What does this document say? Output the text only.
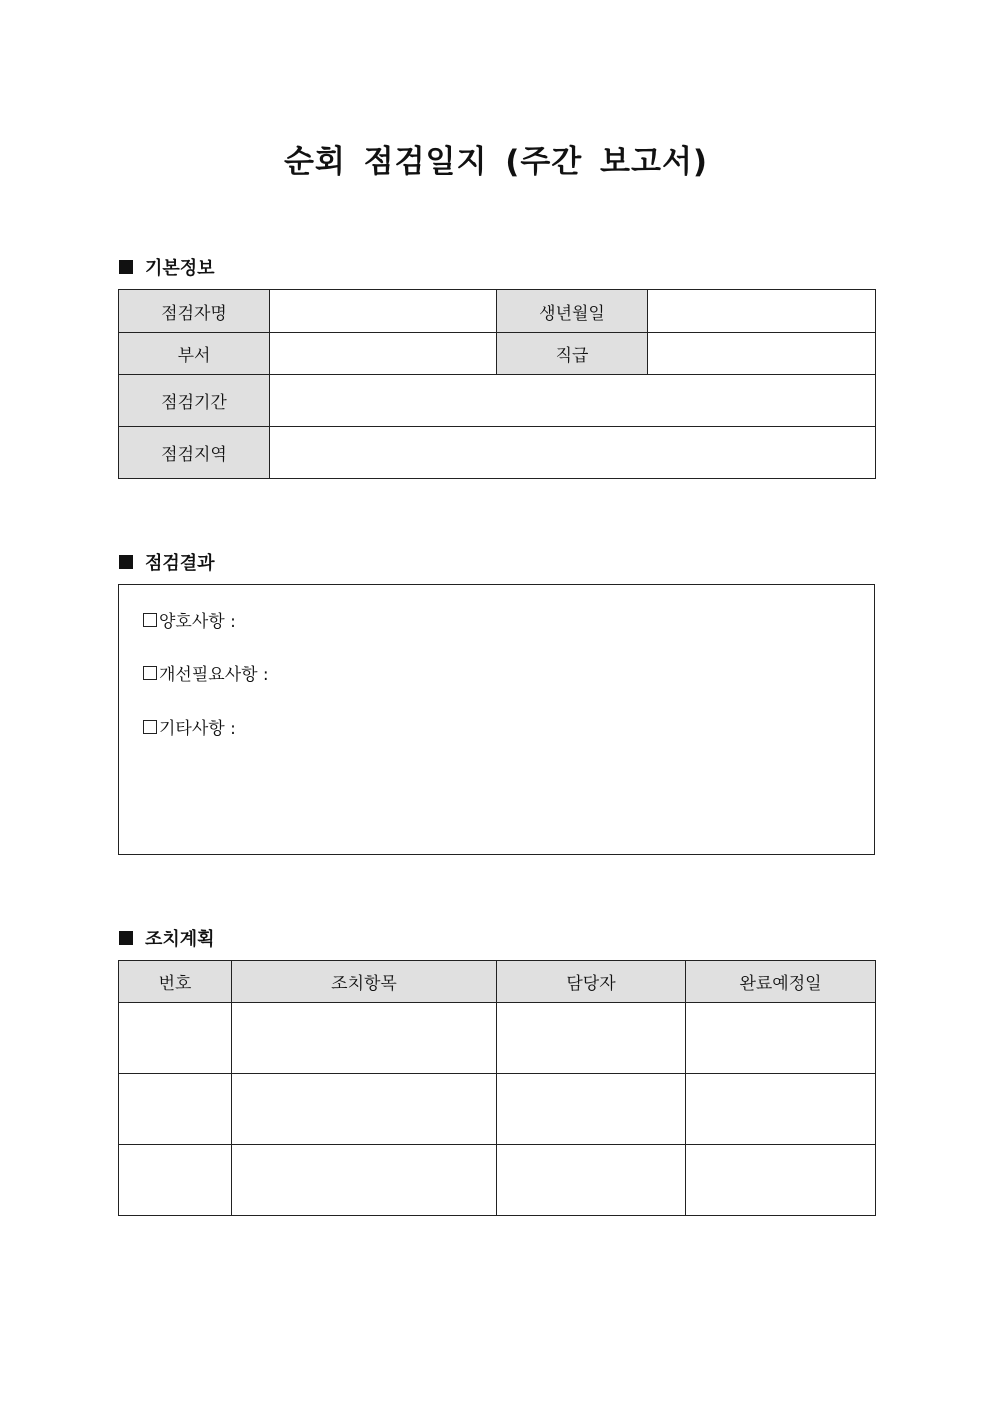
순회 점검일지 (주간 보고서)
기본정보
점검자명		생년월일	
부서		직급	
점검기간			
점검지역			
점검결과
양호사항 :
개선필요사항 :
기타사항 :
조치계획
번호	조치항목	담당자	완료예정일
